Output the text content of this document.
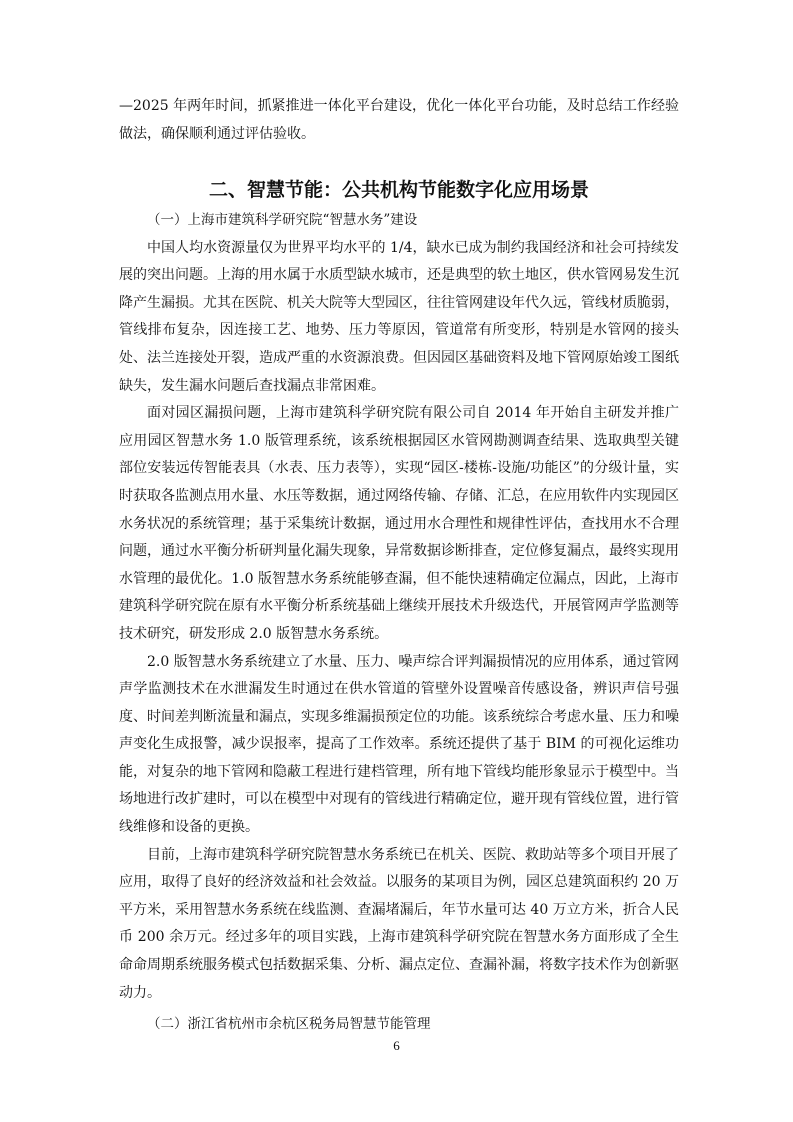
—2025 年两年时间，抓紧推进一体化平台建设，优化一体化平台功能，及时总结工作经验做法，确保顺利通过评估验收。

二、智慧节能：公共机构节能数字化应用场景

（一）上海市建筑科学研究院“智慧水务”建设

中国人均水资源量仅为世界平均水平的 1/4，缺水已成为制约我国经济和社会可持续发展的突出问题。上海的用水属于水质型缺水城市，还是典型的软土地区，供水管网易发生沉降产生漏损。尤其在医院、机关大院等大型园区，往往管网建设年代久远，管线材质脆弱，管线排布复杂，因连接工艺、地势、压力等原因，管道常有所变形，特别是水管网的接头处、法兰连接处开裂，造成严重的水资源浪费。但因园区基础资料及地下管网原始竣工图纸缺失，发生漏水问题后查找漏点非常困难。

面对园区漏损问题，上海市建筑科学研究院有限公司自 2014 年开始自主研发并推广应用园区智慧水务 1.0 版管理系统，该系统根据园区水管网勘测调查结果、选取典型关键部位安装远传智能表具（水表、压力表等），实现“园区-楼栋-设施/功能区”的分级计量，实时获取各监测点用水量、水压等数据，通过网络传输、存储、汇总，在应用软件内实现园区水务状况的系统管理；基于采集统计数据，通过用水合理性和规律性评估，查找用水不合理问题，通过水平衡分析研判量化漏失现象，异常数据诊断排查，定位修复漏点，最终实现用水管理的最优化。1.0 版智慧水务系统能够查漏，但不能快速精确定位漏点，因此，上海市建筑科学研究院在原有水平衡分析系统基础上继续开展技术升级迭代，开展管网声学监测等技术研究，研发形成 2.0 版智慧水务系统。

2.0 版智慧水务系统建立了水量、压力、噪声综合评判漏损情况的应用体系，通过管网声学监测技术在水泄漏发生时通过在供水管道的管壁外设置噪音传感设备，辨识声信号强度、时间差判断流量和漏点，实现多维漏损预定位的功能。该系统综合考虑水量、压力和噪声变化生成报警，减少误报率，提高了工作效率。系统还提供了基于 BIM 的可视化运维功能，对复杂的地下管网和隐蔽工程进行建档管理，所有地下管线均能形象显示于模型中。当场地进行改扩建时，可以在模型中对现有的管线进行精确定位，避开现有管线位置，进行管线维修和设备的更换。

目前，上海市建筑科学研究院智慧水务系统已在机关、医院、救助站等多个项目开展了应用，取得了良好的经济效益和社会效益。以服务的某项目为例，园区总建筑面积约 20 万平方米，采用智慧水务系统在线监测、查漏堵漏后，年节水量可达 40 万立方米，折合人民币 200 余万元。经过多年的项目实践，上海市建筑科学研究院在智慧水务方面形成了全生命命周期系统服务模式包括数据采集、分析、漏点定位、查漏补漏，将数字技术作为创新驱动力。

（二）浙江省杭州市余杭区税务局智慧节能管理

6
